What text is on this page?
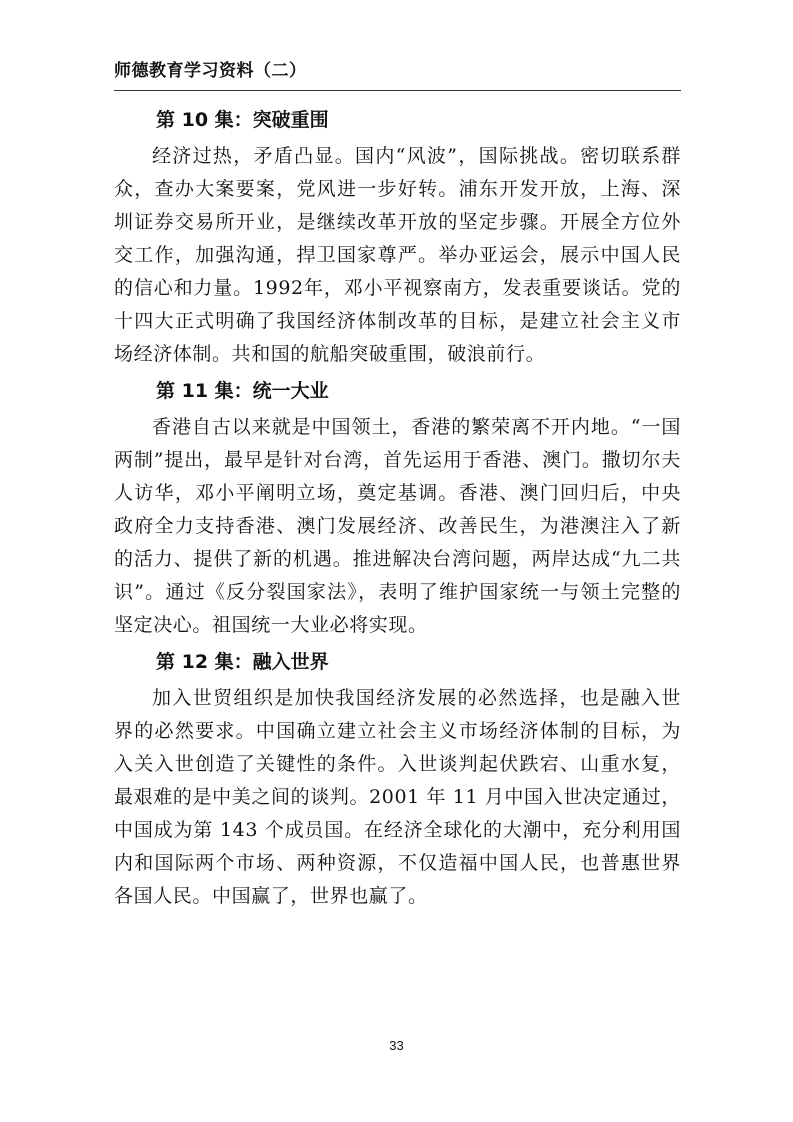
师德教育学习资料（二）
第 10 集：突破重围

经济过热，矛盾凸显。国内“风波”，国际挑战。密切联系群众，查办大案要案，党风进一步好转。浦东开发开放，上海、深圳证券交易所开业，是继续改革开放的坚定步骤。开展全方位外交工作，加强沟通，捍卫国家尊严。举办亚运会，展示中国人民的信心和力量。1992年，邓小平视察南方，发表重要谈话。党的十四大正式明确了我国经济体制改革的目标，是建立社会主义市场经济体制。共和国的航船突破重围，破浪前行。

第 11 集：统一大业

香港自古以来就是中国领土，香港的繁荣离不开内地。“一国两制”提出，最早是针对台湾，首先运用于香港、澳门。撒切尔夫人访华，邓小平阐明立场，奠定基调。香港、澳门回归后，中央政府全力支持香港、澳门发展经济、改善民生，为港澳注入了新的活力、提供了新的机遇。推进解决台湾问题，两岸达成“九二共识”。通过《反分裂国家法》，表明了维护国家统一与领土完整的坚定决心。祖国统一大业必将实现。

第 12 集：融入世界

加入世贸组织是加快我国经济发展的必然选择，也是融入世界的必然要求。中国确立建立社会主义市场经济体制的目标，为入关入世创造了关键性的条件。入世谈判起伏跌宕、山重水复，最艰难的是中美之间的谈判。2001 年 11 月中国入世决定通过，中国成为第 143 个成员国。在经济全球化的大潮中，充分利用国内和国际两个市场、两种资源，不仅造福中国人民，也普惠世界各国人民。中国赢了，世界也赢了。

33
